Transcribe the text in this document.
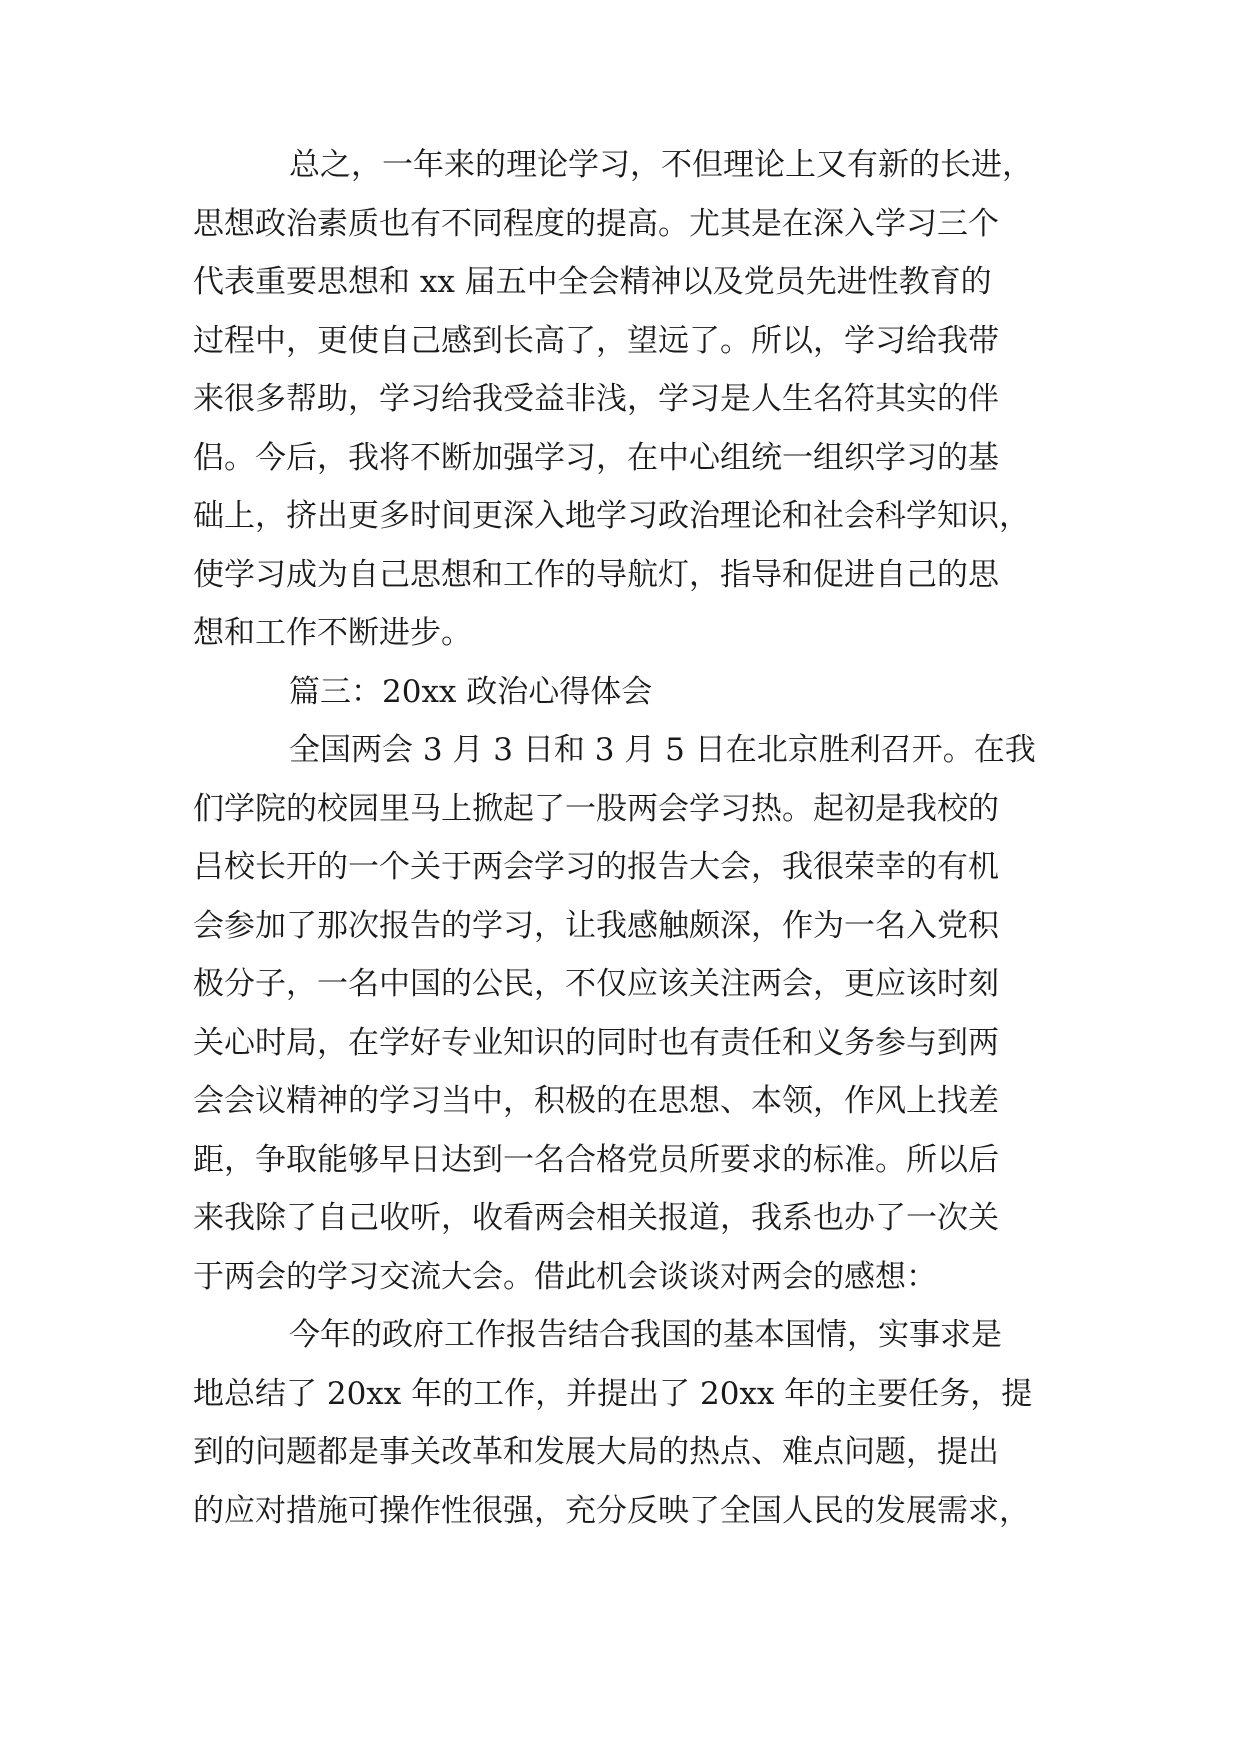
总之，一年来的理论学习，不但理论上又有新的长进，
思想政治素质也有不同程度的提高。尤其是在深入学习三个
代表重要思想和 xx 届五中全会精神以及党员先进性教育的
过程中，更使自己感到长高了，望远了。所以，学习给我带
来很多帮助，学习给我受益非浅，学习是人生名符其实的伴
侣。今后，我将不断加强学习，在中心组统一组织学习的基
础上，挤出更多时间更深入地学习政治理论和社会科学知识，
使学习成为自己思想和工作的导航灯，指导和促进自己的思
想和工作不断进步。
篇三：20xx 政治心得体会
全国两会 3 月 3 日和 3 月 5 日在北京胜利召开。在我
们学院的校园里马上掀起了一股两会学习热。起初是我校的
吕校长开的一个关于两会学习的报告大会，我很荣幸的有机
会参加了那次报告的学习，让我感触颇深，作为一名入党积
极分子，一名中国的公民，不仅应该关注两会，更应该时刻
关心时局，在学好专业知识的同时也有责任和义务参与到两
会会议精神的学习当中，积极的在思想、本领，作风上找差
距，争取能够早日达到一名合格党员所要求的标准。所以后
来我除了自己收听，收看两会相关报道，我系也办了一次关
于两会的学习交流大会。借此机会谈谈对两会的感想：
今年的政府工作报告结合我国的基本国情，实事求是
地总结了 20xx 年的工作，并提出了 20xx 年的主要任务，提
到的问题都是事关改革和发展大局的热点、难点问题，提出
的应对措施可操作性很强，充分反映了全国人民的发展需求，
